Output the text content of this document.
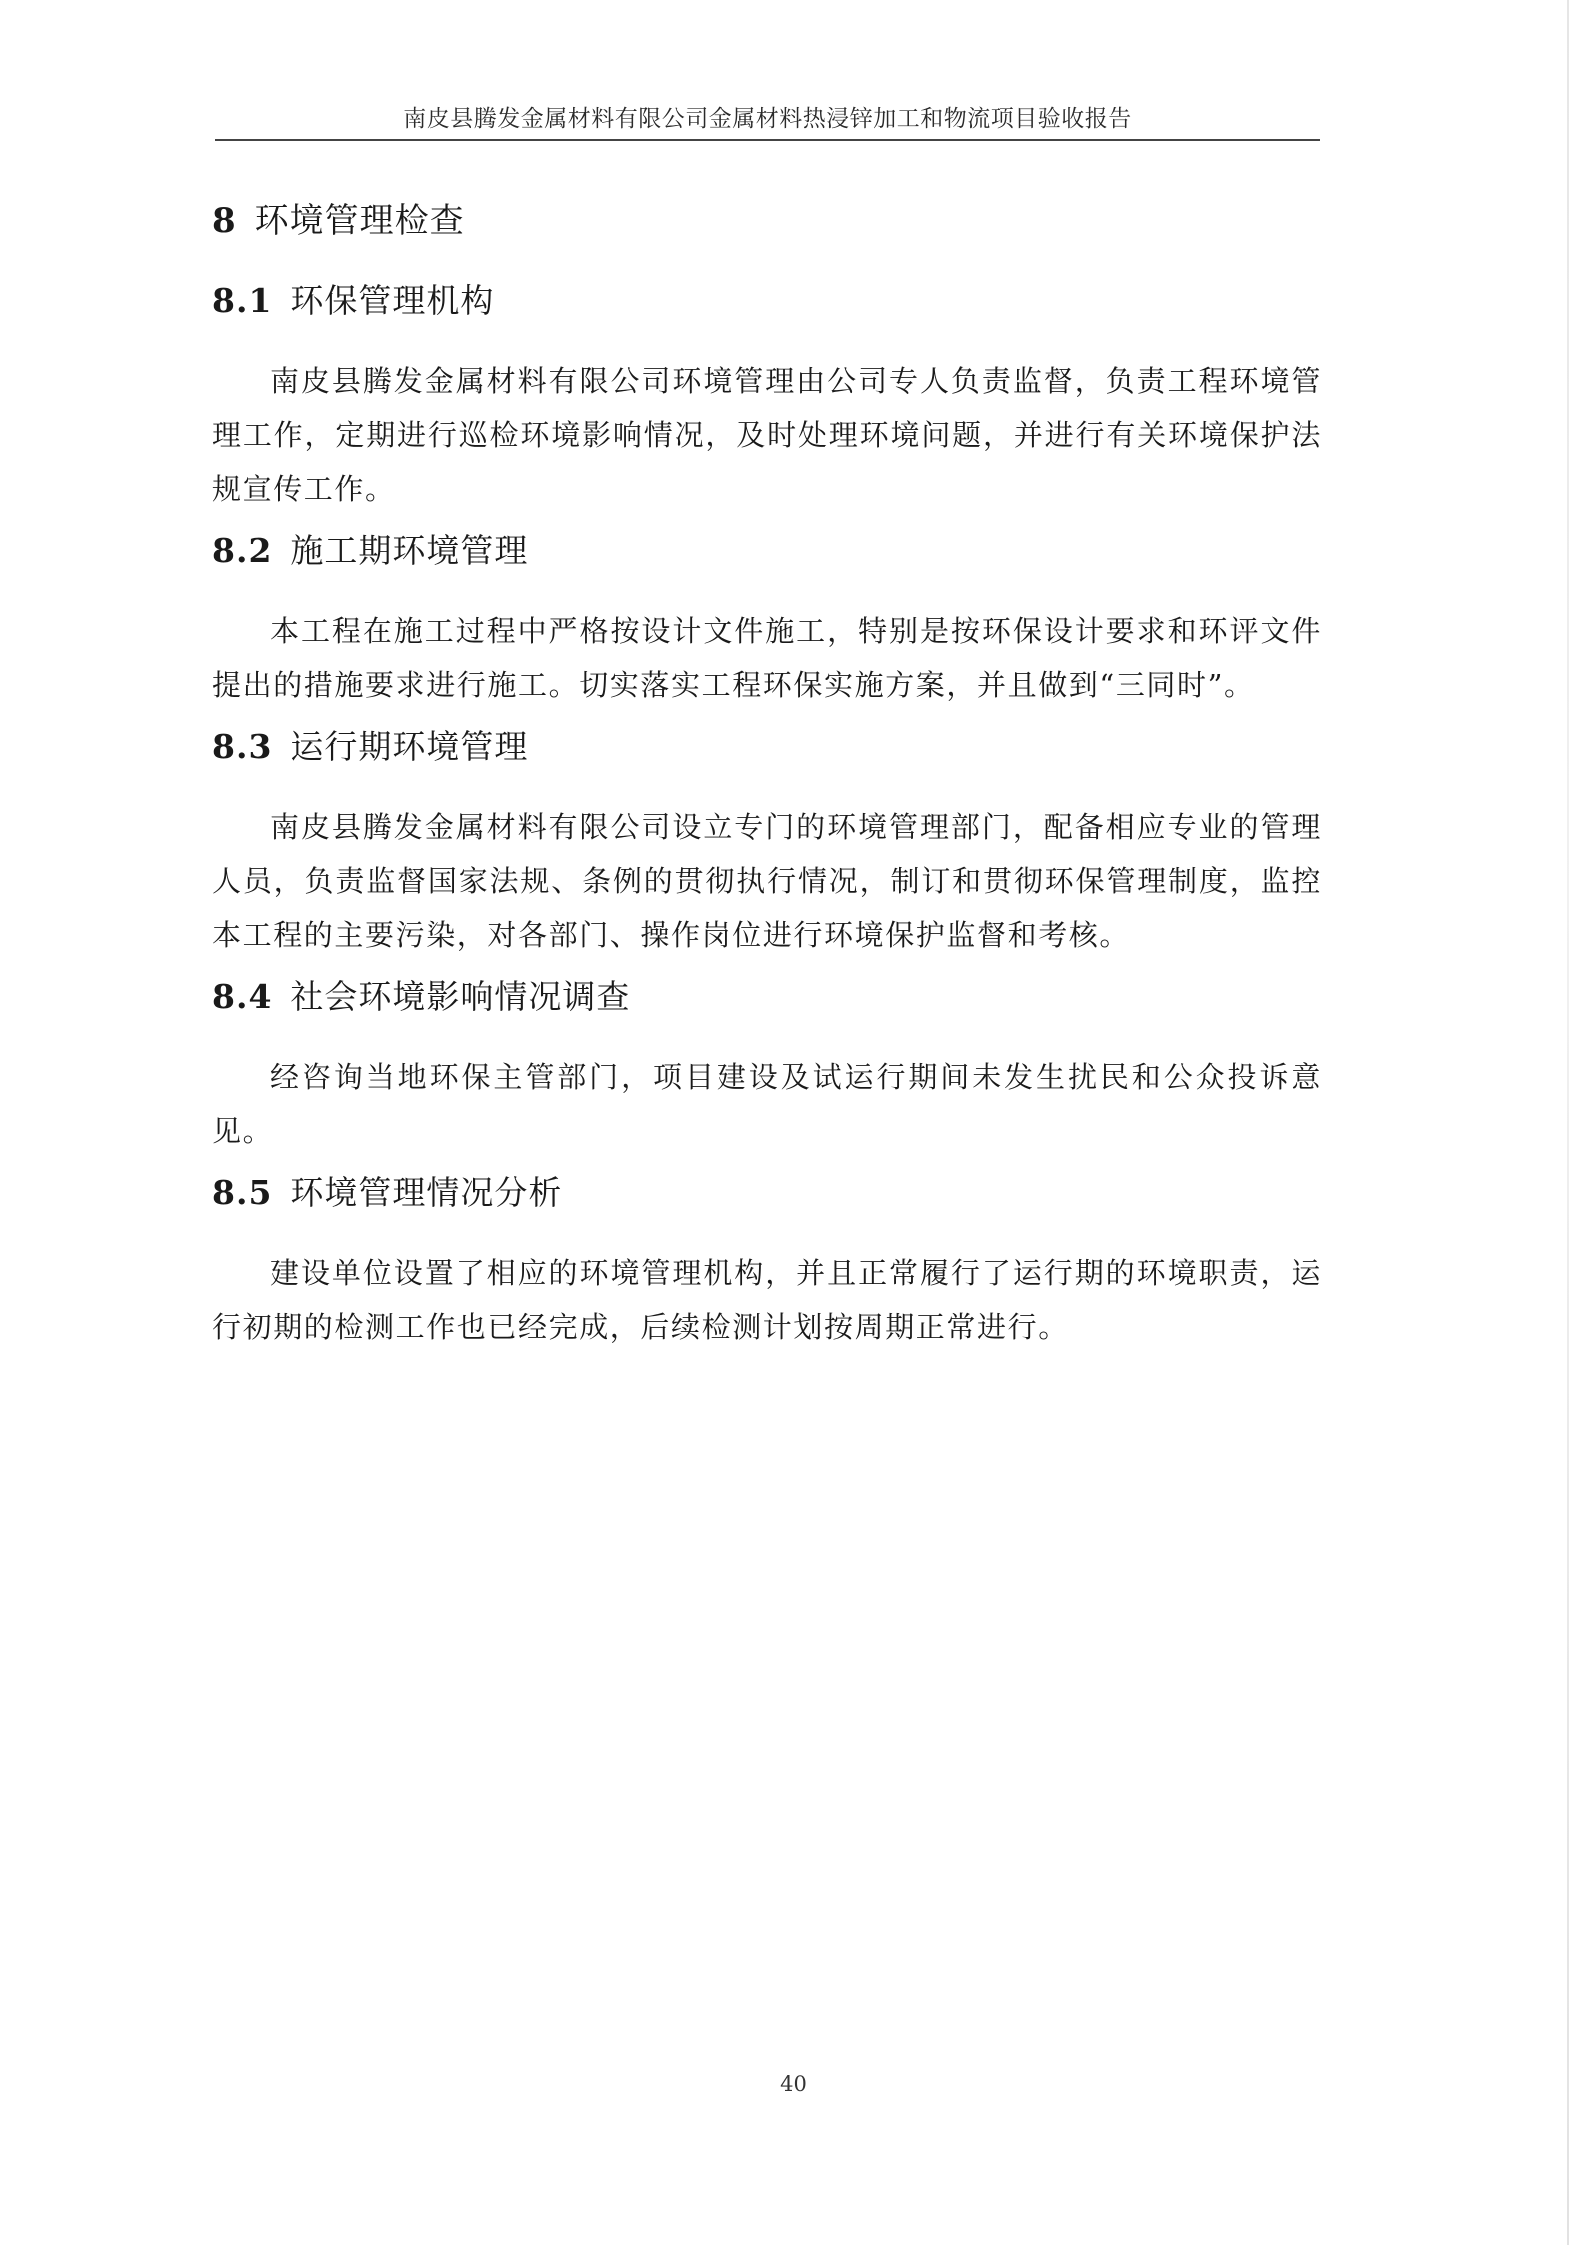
南皮县腾发金属材料有限公司金属材料热浸锌加工和物流项目验收报告
8 环境管理检查
8.1 环保管理机构

南皮县腾发金属材料有限公司环境管理由公司专人负责监督，负责工程环境管理工作，定期进行巡检环境影响情况，及时处理环境问题，并进行有关环境保护法规宣传工作。

8.2 施工期环境管理

本工程在施工过程中严格按设计文件施工，特别是按环保设计要求和环评文件提出的措施要求进行施工。切实落实工程环保实施方案，并且做到“三同时”。

8.3 运行期环境管理

南皮县腾发金属材料有限公司设立专门的环境管理部门，配备相应专业的管理人员，负责监督国家法规、条例的贯彻执行情况，制订和贯彻环保管理制度，监控本工程的主要污染，对各部门、操作岗位进行环境保护监督和考核。

8.4 社会环境影响情况调查

经咨询当地环保主管部门，项目建设及试运行期间未发生扰民和公众投诉意见。

8.5 环境管理情况分析

建设单位设置了相应的环境管理机构，并且正常履行了运行期的环境职责，运行初期的检测工作也已经完成，后续检测计划按周期正常进行。

40
